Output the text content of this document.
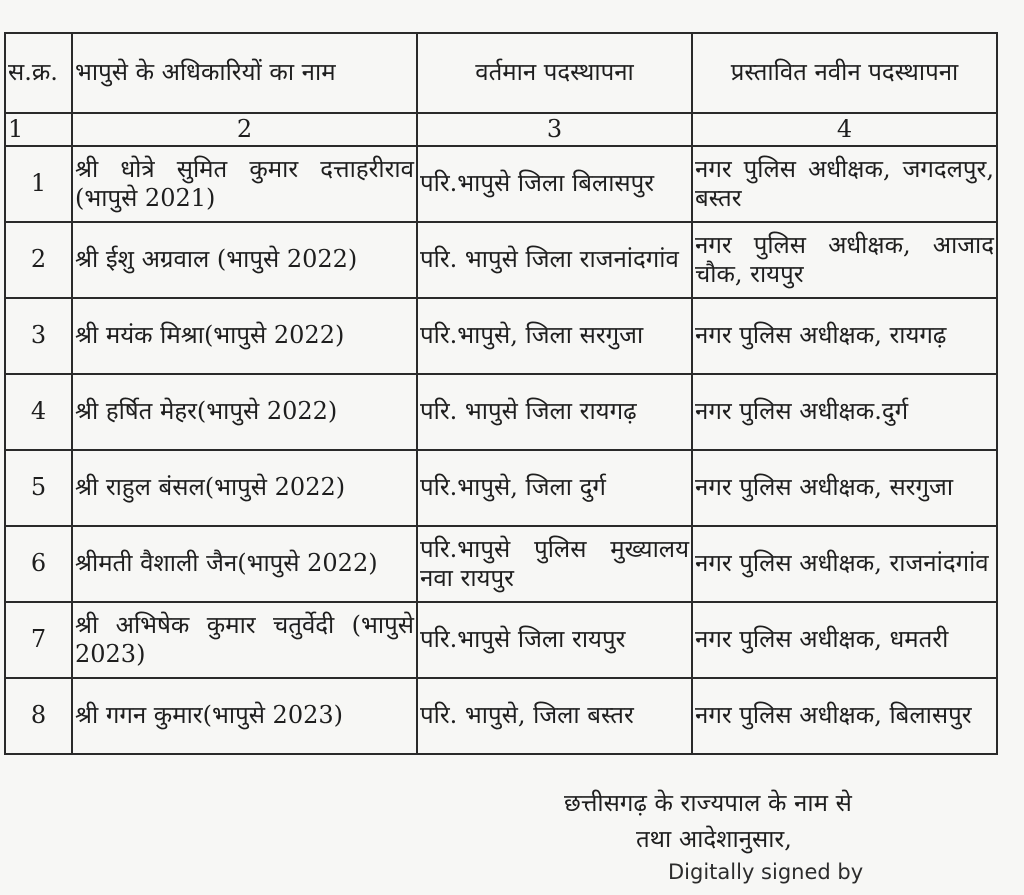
स.क्र.	भापुसे के अधिकारियों का नाम	वर्तमान पदस्थापना	प्रस्तावित नवीन पदस्थापना
1	2	3	4
1	श्री धोत्रे सुमित कुमार दत्ताहरीराव (भापुसे 2021)	परि.भापुसे जिला बिलासपुर	नगर पुलिस अधीक्षक, जगदलपुर, बस्तर
2	श्री ईशु अग्रवाल (भापुसे 2022)	परि. भापुसे जिला राजनांदगांव	नगर पुलिस अधीक्षक, आजाद चौक, रायपुर
3	श्री मयंक मिश्रा(भापुसे 2022)	परि.भापुसे, जिला सरगुजा	नगर पुलिस अधीक्षक, रायगढ़
4	श्री हर्षित मेहर(भापुसे 2022)	परि. भापुसे जिला रायगढ़	नगर पुलिस अधीक्षक.दुर्ग
5	श्री राहुल बंसल(भापुसे 2022)	परि.भापुसे, जिला दुर्ग	नगर पुलिस अधीक्षक, सरगुजा
6	श्रीमती वैशाली जैन(भापुसे 2022)	परि.भापुसे पुलिस मुख्यालय नवा रायपुर	नगर पुलिस अधीक्षक, राजनांदगांव
7	श्री अभिषेक कुमार चतुर्वेदी (भापुसे 2023)	परि.भापुसे जिला रायपुर	नगर पुलिस अधीक्षक, धमतरी
8	श्री गगन कुमार(भापुसे 2023)	परि. भापुसे, जिला बस्तर	नगर पुलिस अधीक्षक, बिलासपुर
छत्तीसगढ़ के राज्यपाल के नाम से
तथा आदेशानुसार,
Digitally signed by
